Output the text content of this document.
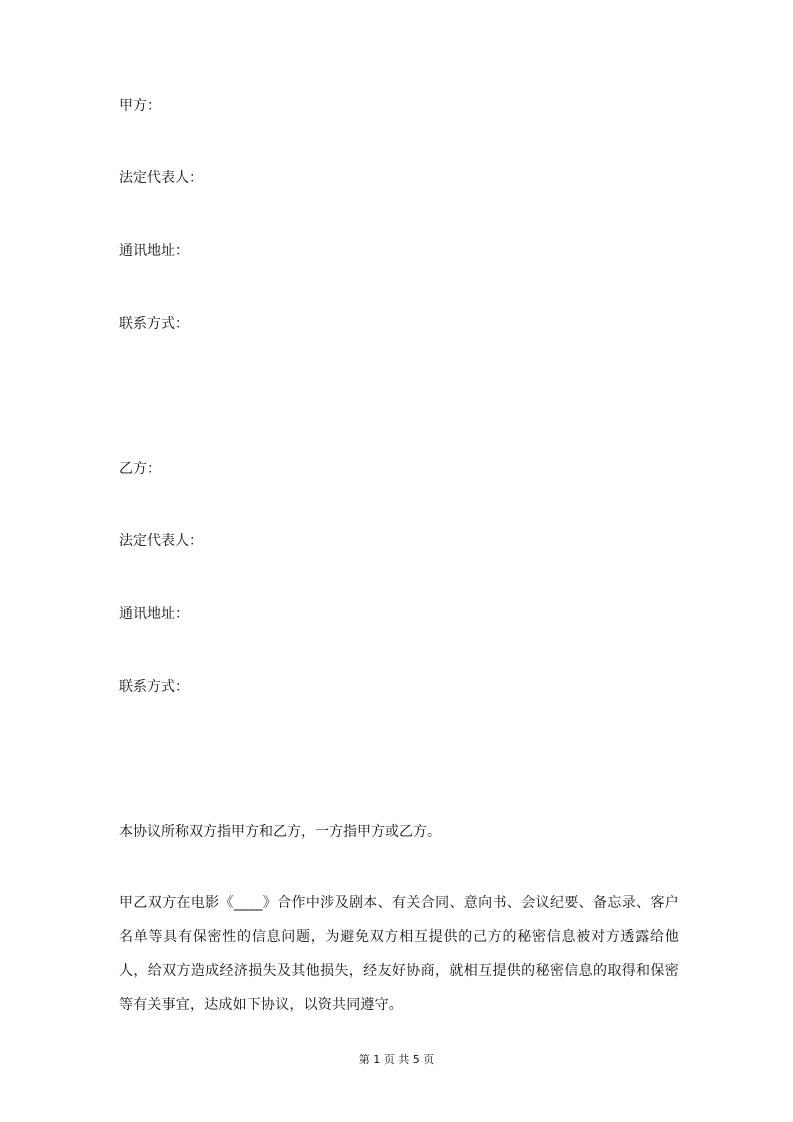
甲方：
法定代表人：
通讯地址：
联系方式：
乙方：
法定代表人：
通讯地址：
联系方式：
本协议所称双方指甲方和乙方，一方指甲方或乙方。
甲乙双方在电影《____》合作中涉及剧本、有关合同、意向书、会议纪要、备忘录、客户名单等具有保密性的信息问题，为避免双方相互提供的己方的秘密信息被对方透露给他人，给双方造成经济损失及其他损失，经友好协商，就相互提供的秘密信息的取得和保密等有关事宜，达成如下协议，以资共同遵守。
第 1 页 共 5 页
